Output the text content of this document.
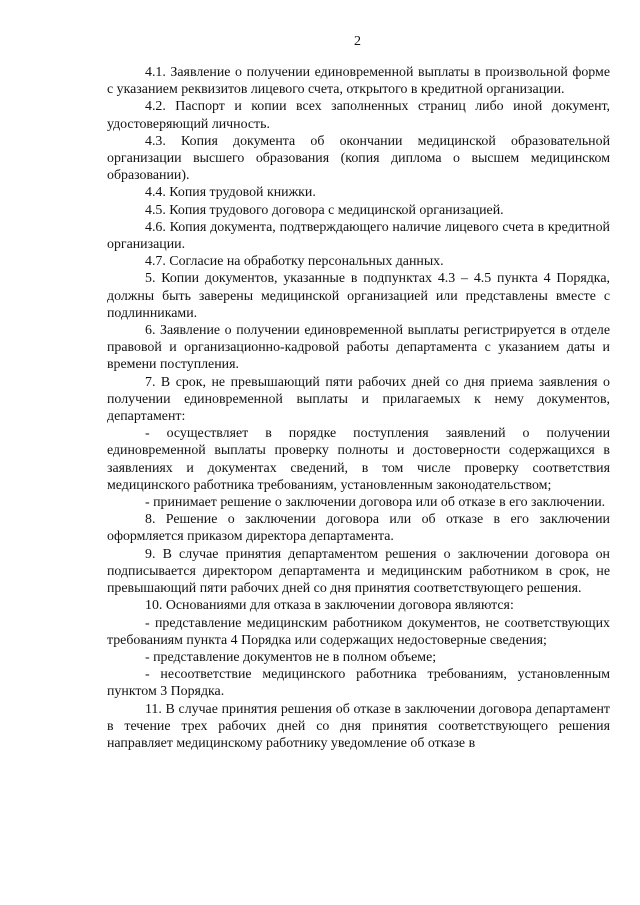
2

4.1. Заявление о получении единовременной выплаты в произвольной форме с указанием реквизитов лицевого счета, открытого в кредитной организации.

4.2. Паспорт и копии всех заполненных страниц либо иной документ, удостоверяющий личность.

4.3. Копия документа об окончании медицинской образовательной организации высшего образования (копия диплома о высшем медицинском образовании).

4.4. Копия трудовой книжки.

4.5. Копия трудового договора с медицинской организацией.

4.6. Копия документа, подтверждающего наличие лицевого счета в кредитной организации.

4.7. Согласие на обработку персональных данных.

5. Копии документов, указанные в подпунктах 4.3 – 4.5 пункта 4 Порядка, должны быть заверены медицинской организацией или представлены вместе с подлинниками.

6. Заявление о получении единовременной выплаты регистрируется в отделе правовой и организационно-кадровой работы департамента с указанием даты и времени поступления.

7. В срок, не превышающий пяти рабочих дней со дня приема заявления о получении единовременной выплаты и прилагаемых к нему документов, департамент:

- осуществляет в порядке поступления заявлений о получении единовременной выплаты проверку полноты и достоверности содержащихся в заявлениях и документах сведений, в том числе проверку соответствия медицинского работника требованиям, установленным законодательством;

- принимает решение о заключении договора или об отказе в его заключении.

8. Решение о заключении договора или об отказе в его заключении оформляется приказом директора департамента.

9. В случае принятия департаментом решения о заключении договора он подписывается директором департамента и медицинским работником в срок, не превышающий пяти рабочих дней со дня принятия соответствующего решения.

10. Основаниями для отказа в заключении договора являются:

- представление медицинским работником документов, не соответствующих требованиям пункта 4 Порядка или содержащих недостоверные сведения;

- представление документов не в полном объеме;

- несоответствие медицинского работника требованиям, установленным пунктом 3 Порядка.

11. В случае принятия решения об отказе в заключении договора департамент в течение трех рабочих дней со дня принятия соответствующего решения направляет медицинскому работнику уведомление об отказе в
